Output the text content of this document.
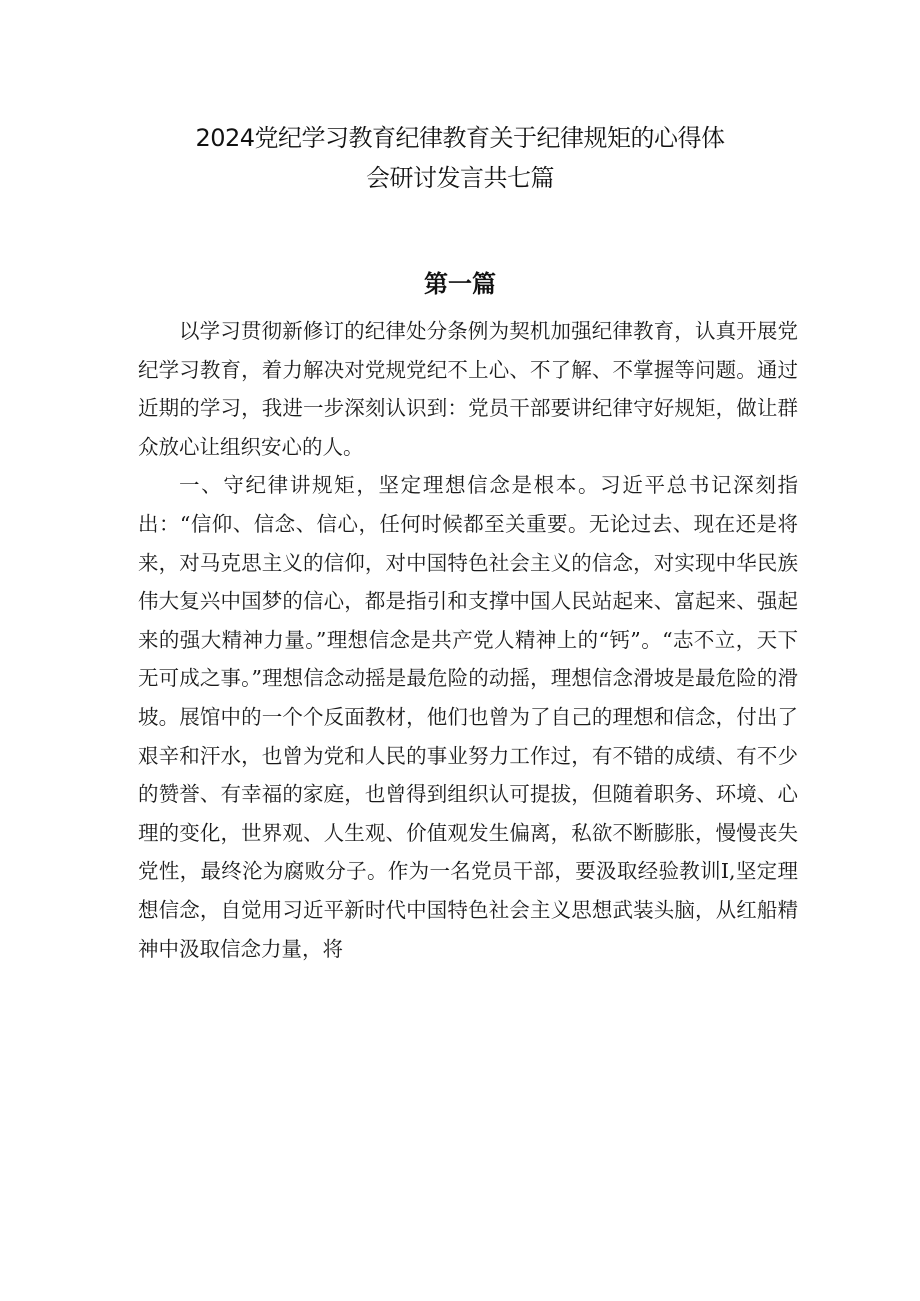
2024党纪学习教育纪律教育关于纪律规矩的心得体
会研讨发言共七篇
第一篇

以学习贯彻新修订的纪律处分条例为契机加强纪律教育，认真开展党纪学习教育，着力解决对党规党纪不上心、不了解、不掌握等问题。通过近期的学习，我进一步深刻认识到：党员干部要讲纪律守好规矩，做让群众放心让组织安心的人。

一、守纪律讲规矩，坚定理想信念是根本。习近平总书记深刻指出：“信仰、信念、信心，任何时候都至关重要。无论过去、现在还是将来，对马克思主义的信仰，对中国特色社会主义的信念，对实现中华民族伟大复兴中国梦的信心，都是指引和支撑中国人民站起来、富起来、强起来的强大精神力量。”理想信念是共产党人精神上的“钙”。“志不立，天下无可成之事。”理想信念动摇是最危险的动摇，理想信念滑坡是最危险的滑坡。展馆中的一个个反面教材，他们也曾为了自己的理想和信念，付出了艰辛和汗水，也曾为党和人民的事业努力工作过，有不错的成绩、有不少的赞誉、有幸福的家庭，也曾得到组织认可提拔，但随着职务、环境、心理的变化，世界观、人生观、价值观发生偏离，私欲不断膨胀，慢慢丧失党性，最终沦为腐败分子。作为一名党员干部，要汲取经验教训I,坚定理想信念，自觉用习近平新时代中国特色社会主义思想武装头脑，从红船精神中汲取信念力量，将
